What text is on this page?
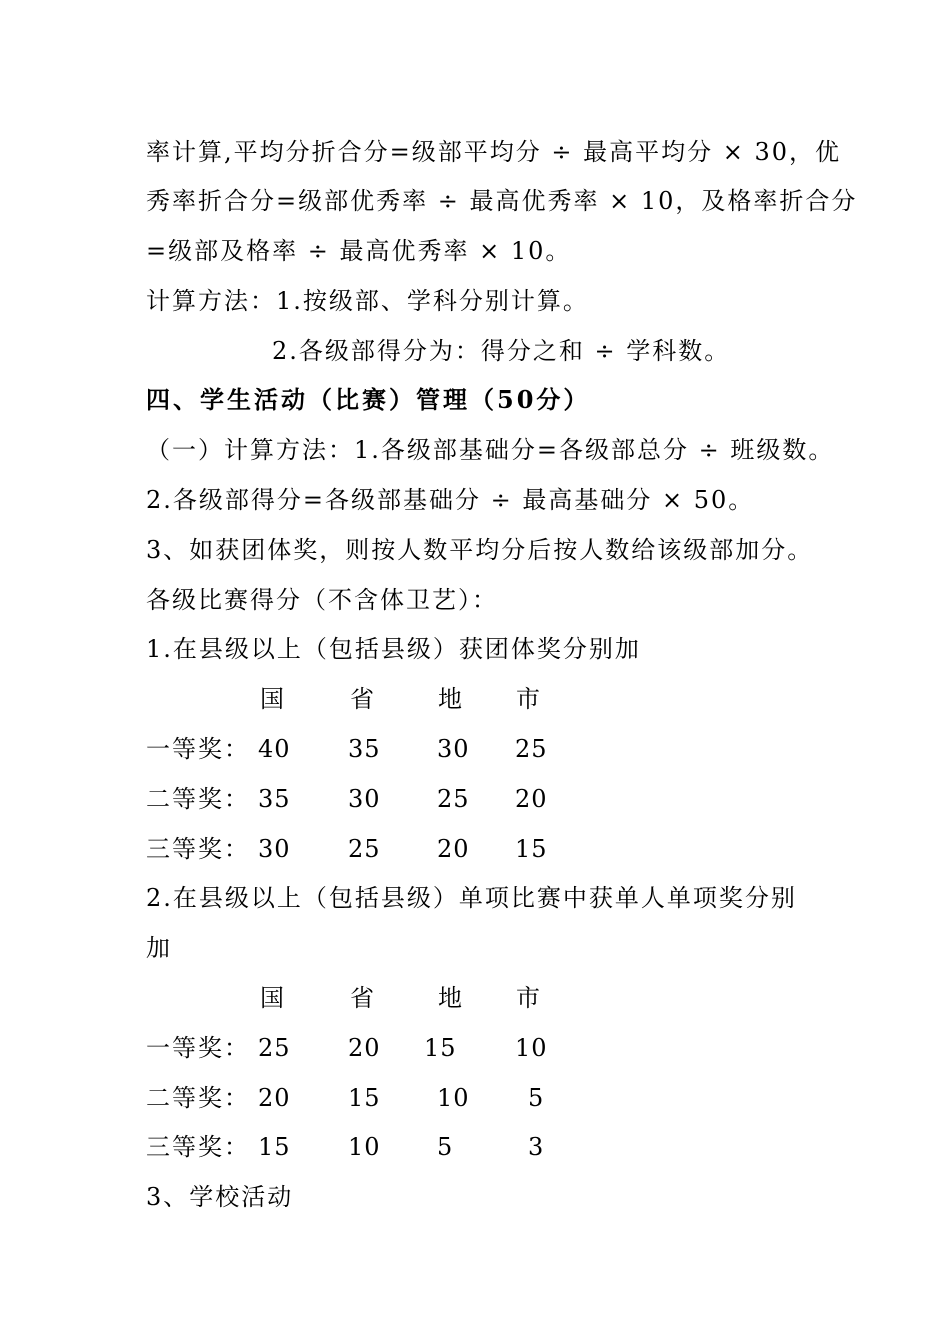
率计算,平均分折合分=级部平均分 ÷ 最高平均分 × 30，优
秀率折合分=级部优秀率 ÷ 最高优秀率 × 10，及格率折合分
=级部及格率 ÷ 最高优秀率 × 10。
计算方法：1.按级部、学科分别计算。
2.各级部得分为：得分之和 ÷ 学科数。
四、学生活动（比赛）管理（50分）
（一）计算方法：1.各级部基础分=各级部总分 ÷ 班级数。
2.各级部得分=各级部基础分 ÷ 最高基础分 × 50。
3、如获团体奖，则按人数平均分后按人数给该级部加分。
各级比赛得分（不含体卫艺）：
1.在县级以上（包括县级）获团体奖分别加
国	省	地 市
一等奖： 40 35 30 25
二等奖： 35 30 25 20
三等奖： 30 25 20 15
2.在县级以上（包括县级）单项比赛中获单人单项奖分别
加
国	省	地 市
一等奖： 25 20 15 10
二等奖： 20 15 10 5
三等奖： 15 10 5	3
3、学校活动
